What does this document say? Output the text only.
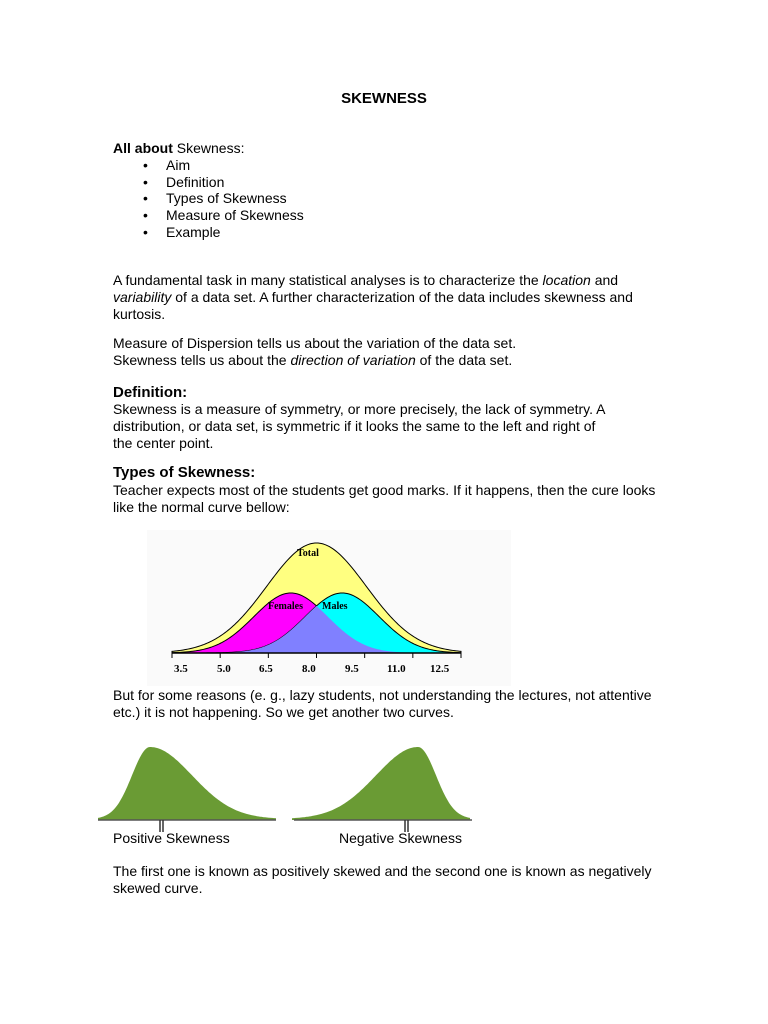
SKEWNESS
All about Skewness:
• Aim
• Definition
• Types of Skewness
• Measure of Skewness
• Example
A fundamental task in many statistical analyses is to characterize the location and
variability of a data set. A further characterization of the data includes skewness and
kurtosis.
Measure of Dispersion tells us about the variation of the data set.
Skewness tells us about the direction of variation of the data set.
Definition:
Skewness is a measure of symmetry, or more precisely, the lack of symmetry. A
distribution, or data set, is symmetric if it looks the same to the left and right of
the center point.
Types of Skewness:
Teacher expects most of the students get good marks. If it happens, then the cure looks
like the normal curve bellow:
Total
Females Males
3.5	5.0	6.5	8.0	9.5	11.0 12.5
But for some reasons (e. g., lazy students, not understanding the lectures, not attentive
etc.) it is not happening. So we get another two curves.
Positive Skewness	Negative Skewness
The first one is known as positively skewed and the second one is known as negatively
skewed curve.
